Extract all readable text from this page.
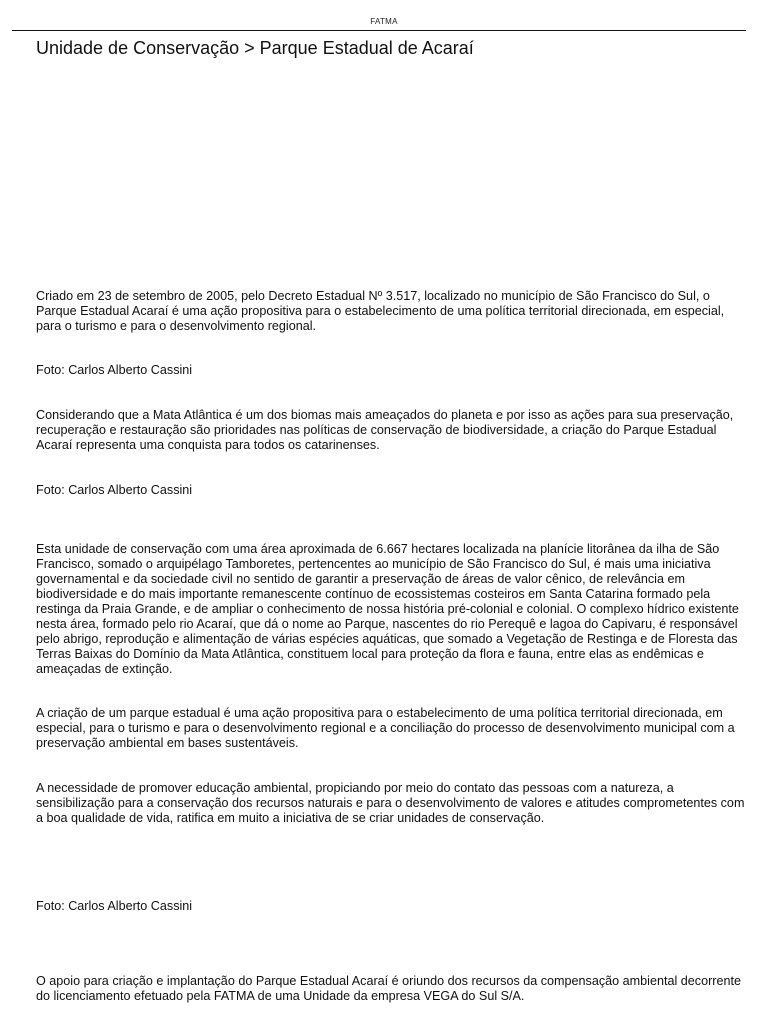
FATMA
Unidade de Conservação > Parque Estadual de Acaraí

Criado em 23 de setembro de 2005, pelo Decreto Estadual Nº 3.517, localizado no município de São Francisco do Sul, o Parque Estadual Acaraí é uma ação propositiva para o estabelecimento de uma política territorial direcionada, em especial, para o turismo e para o desenvolvimento regional.

Foto: Carlos Alberto Cassini

Considerando que a Mata Atlântica é um dos biomas mais ameaçados do planeta e por isso as ações para sua preservação, recuperação e restauração são prioridades nas políticas de conservação de biodiversidade, a criação do Parque Estadual Acaraí representa uma conquista para todos os catarinenses.

Foto: Carlos Alberto Cassini

Esta unidade de conservação com uma área aproximada de 6.667 hectares localizada na planície litorânea da ilha de São Francisco, somado o arquipélago Tamboretes, pertencentes ao município de São Francisco do Sul, é mais uma iniciativa governamental e da sociedade civil no sentido de garantir a preservação de áreas de valor cênico, de relevância em biodiversidade e do mais importante remanescente contínuo de ecossistemas costeiros em Santa Catarina formado pela restinga da Praia Grande, e de ampliar o conhecimento de nossa história pré-colonial e colonial. O complexo hídrico existente nesta área, formado pelo rio Acaraí, que dá o nome ao Parque, nascentes do rio Perequê e lagoa do Capivaru, é responsável pelo abrigo, reprodução e alimentação de várias espécies aquáticas, que somado a Vegetação de Restinga e de Floresta das Terras Baixas do Domínio da Mata Atlântica, constituem local para proteção da flora e fauna, entre elas as endêmicas e ameaçadas de extinção.

A criação de um parque estadual é uma ação propositiva para o estabelecimento de uma política territorial direcionada, em especial, para o turismo e para o desenvolvimento regional e a conciliação do processo de desenvolvimento municipal com a preservação ambiental em bases sustentáveis.

A necessidade de promover educação ambiental, propiciando por meio do contato das pessoas com a natureza, a sensibilização para a conservação dos recursos naturais e para o desenvolvimento de valores e atitudes comprometentes com a boa qualidade de vida, ratifica em muito a iniciativa de se criar unidades de conservação.

Foto: Carlos Alberto Cassini

O apoio para criação e implantação do Parque Estadual Acaraí é oriundo dos recursos da compensação ambiental decorrente do licenciamento efetuado pela FATMA de uma Unidade da empresa VEGA do Sul S/A.
